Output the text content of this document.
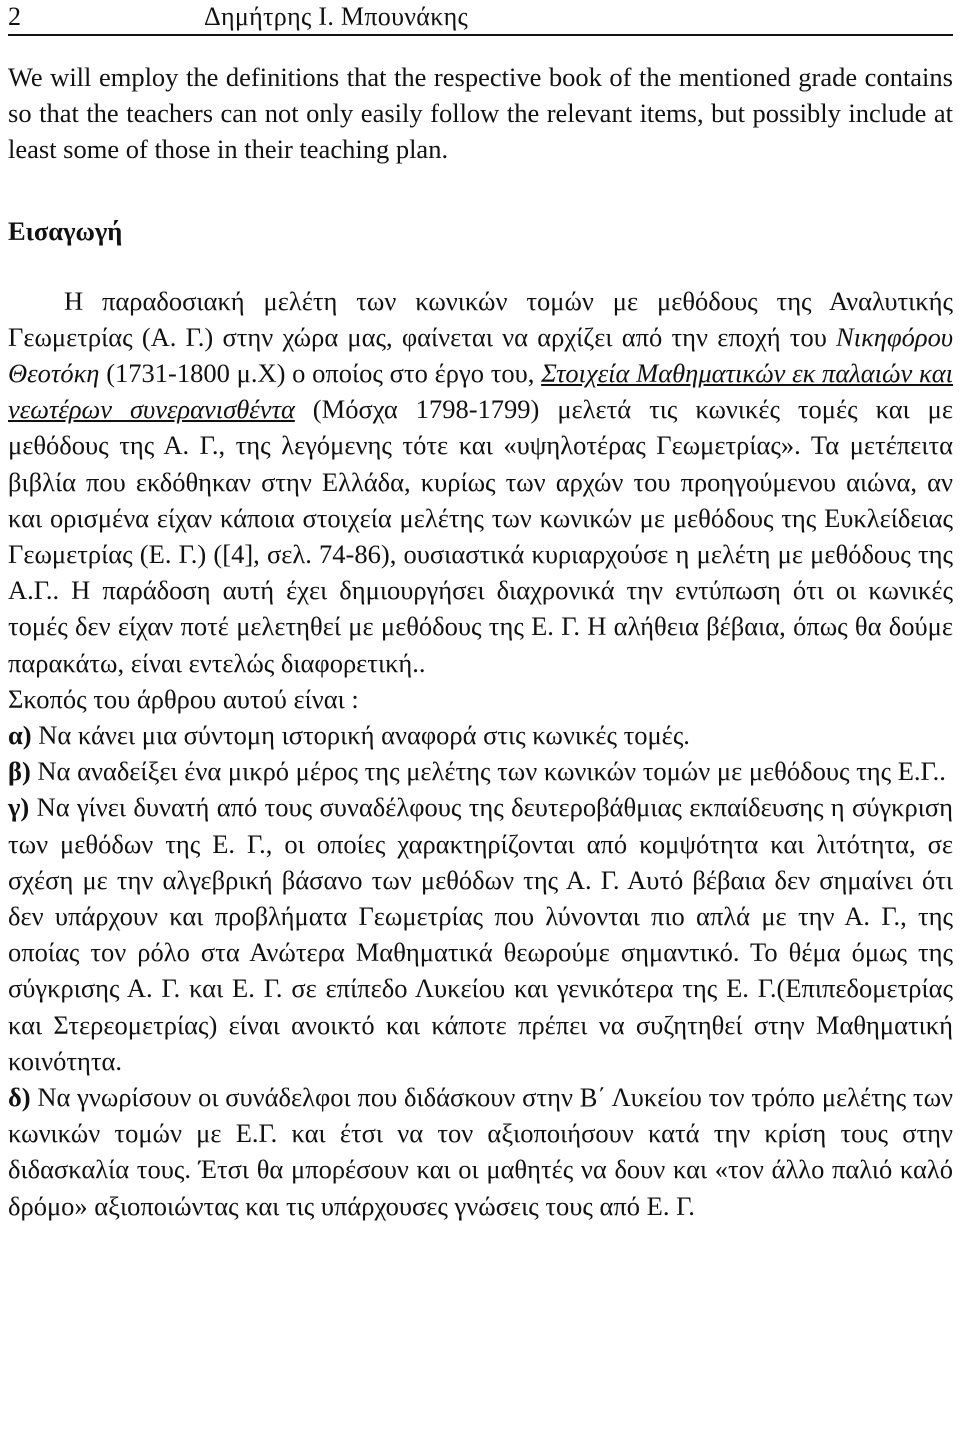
2	Δημήτρης Ι. Μπουνάκης

We will employ the definitions that the respective book of the mentioned grade contains so that the teachers can not only easily follow the relevant items, but possibly include at least some of those in their teaching plan.

Εισαγωγή

Η παραδοσιακή μελέτη των κωνικών τομών με μεθόδους της Αναλυτικής Γεωμετρίας (Α. Γ.) στην χώρα μας, φαίνεται να αρχίζει από την εποχή του Νικηφόρου Θεοτόκη (1731-1800 μ.Χ) ο οποίος στο έργο του, Στοιχεία Μαθηματικών εκ παλαιών και νεωτέρων συνερανισθέντα (Μόσχα 1798-1799) μελετά τις κωνικές τομές και με μεθόδους της Α. Γ., της λεγόμενης τότε και «υψηλοτέρας Γεωμετρίας». Τα μετέπειτα βιβλία που εκδόθηκαν στην Ελλάδα, κυρίως των αρχών του προηγούμενου αιώνα, αν και ορισμένα είχαν κάποια στοιχεία μελέτης των κωνικών με μεθόδους της Ευκλείδειας Γεωμετρίας (Ε. Γ.) ([4], σελ. 74-86), ουσιαστικά κυριαρχούσε η μελέτη με μεθόδους της Α.Γ.. Η παράδοση αυτή έχει δημιουργήσει διαχρονικά την εντύπωση ότι οι κωνικές τομές δεν είχαν ποτέ μελετηθεί με μεθόδους της Ε. Γ. Η αλήθεια βέβαια, όπως θα δούμε παρακάτω, είναι εντελώς διαφορετική..

Σκοπός του άρθρου αυτού είναι :

α) Να κάνει μια σύντομη ιστορική αναφορά στις κωνικές τομές.

β) Να αναδείξει ένα μικρό μέρος της μελέτης των κωνικών τομών με μεθόδους της Ε.Γ..

γ) Να γίνει δυνατή από τους συναδέλφους της δευτεροβάθμιας εκπαίδευσης η σύγκριση των μεθόδων της Ε. Γ., οι οποίες χαρακτηρίζονται από κομψότητα και λιτότητα, σε σχέση με την αλγεβρική βάσανο των μεθόδων της Α. Γ. Αυτό βέβαια δεν σημαίνει ότι δεν υπάρχουν και προβλήματα Γεωμετρίας που λύνονται πιο απλά με την Α. Γ., της οποίας τον ρόλο στα Ανώτερα Μαθηματικά θεωρούμε σημαντικό. Το θέμα όμως της σύγκρισης Α. Γ. και Ε. Γ. σε επίπεδο Λυκείου και γενικότερα της Ε. Γ.(Επιπεδομετρίας και Στερεομετρίας) είναι ανοικτό και κάποτε πρέπει να συζητηθεί στην Μαθηματική κοινότητα.

δ) Να γνωρίσουν οι συνάδελφοι που διδάσκουν στην Β΄ Λυκείου τον τρόπο μελέτης των κωνικών τομών με Ε.Γ. και έτσι να τον αξιοποιήσουν κατά την κρίση τους στην διδασκαλία τους. Έτσι θα μπορέσουν και οι μαθητές να δουν και «τον άλλο παλιό καλό δρόμο» αξιοποιώντας και τις υπάρχουσες γνώσεις τους από Ε. Γ.
